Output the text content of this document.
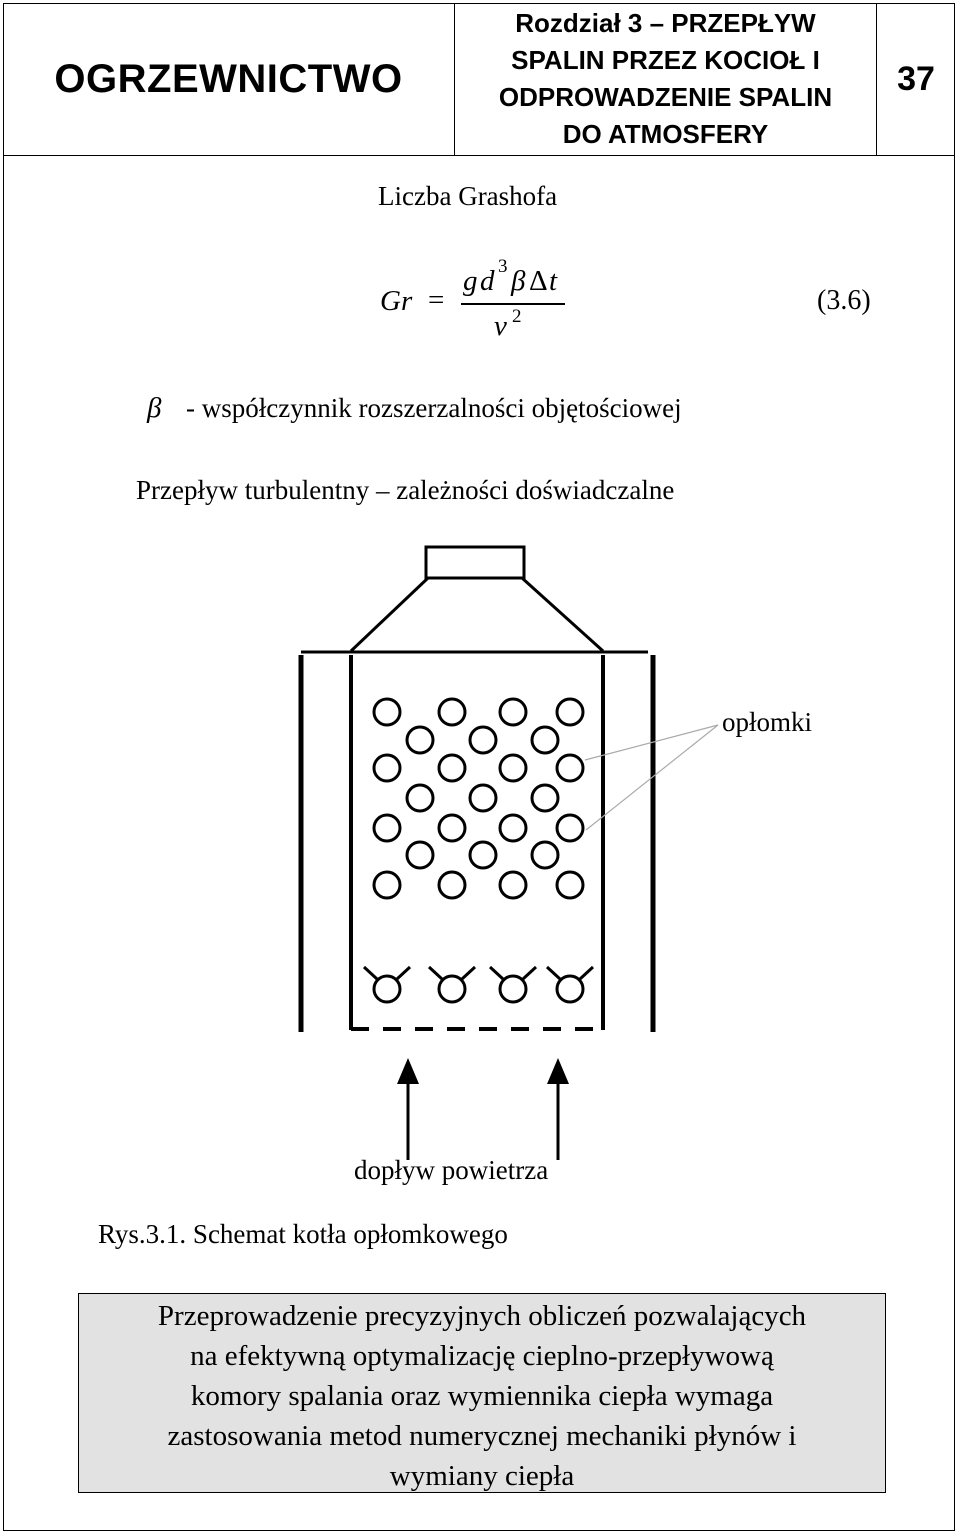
OGRZEWNICTWO
Rozdział 3 – PRZEPŁYW
SPALIN PRZEZ KOCIOŁ I
ODPROWADZENIE SPALIN
DO ATMOSFERY
37
Liczba Grashofa
Gr =
g d 3 β Δ t
ν 2
(3.6)
β - współczynnik rozszerzalności objętościowej
Przepływ turbulentny – zależności doświadczalne
opłomki
dopływ powietrza
Rys.3.1. Schemat kotła opłomkowego
Przeprowadzenie precyzyjnych obliczeń pozwalających
na efektywną optymalizację cieplno-przepływową
komory spalania oraz wymiennika ciepła wymaga
zastosowania metod numerycznej mechaniki płynów i
wymiany ciepła
